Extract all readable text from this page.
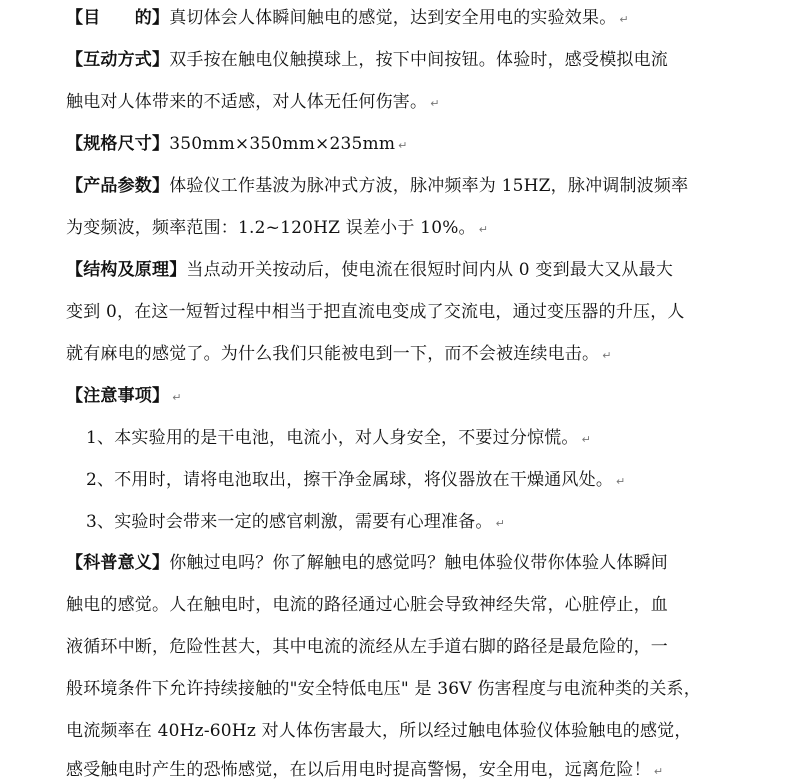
【目　　的】真切体会人体瞬间触电的感觉，达到安全用电的实验效果。 ↵
【互动方式】双手按在触电仪触摸球上，按下中间按钮。体验时，感受模拟电流
触电对人体带来的不适感，对人体无任何伤害。 ↵
【规格尺寸】350mm×350mm×235mm ↵
【产品参数】体验仪工作基波为脉冲式方波，脉冲频率为 15HZ，脉冲调制波频率
为变频波，频率范围：1.2~120HZ 误差小于 10%。 ↵
【结构及原理】当点动开关按动后，使电流在很短时间内从 0 变到最大又从最大
变到 0，在这一短暂过程中相当于把直流电变成了交流电，通过变压器的升压，人
就有麻电的感觉了。为什么我们只能被电到一下，而不会被连续电击。 ↵
【注意事项】 ↵
1、本实验用的是干电池，电流小，对人身安全，不要过分惊慌。 ↵
2、不用时，请将电池取出，擦干净金属球，将仪器放在干燥通风处。 ↵
3、实验时会带来一定的感官刺激，需要有心理准备。 ↵
【科普意义】你触过电吗？你了解触电的感觉吗？触电体验仪带你体验人体瞬间
触电的感觉。人在触电时，电流的路径通过心脏会导致神经失常，心脏停止，血
液循环中断，危险性甚大，其中电流的流经从左手道右脚的路径是最危险的，一
般环境条件下允许持续接触的"安全特低电压" 是 36V 伤害程度与电流种类的关系，
电流频率在 40Hz-60Hz 对人体伤害最大，所以经过触电体验仪体验触电的感觉，
感受触电时产生的恐怖感觉，在以后用电时提高警惕，安全用电，远离危险！ ↵
